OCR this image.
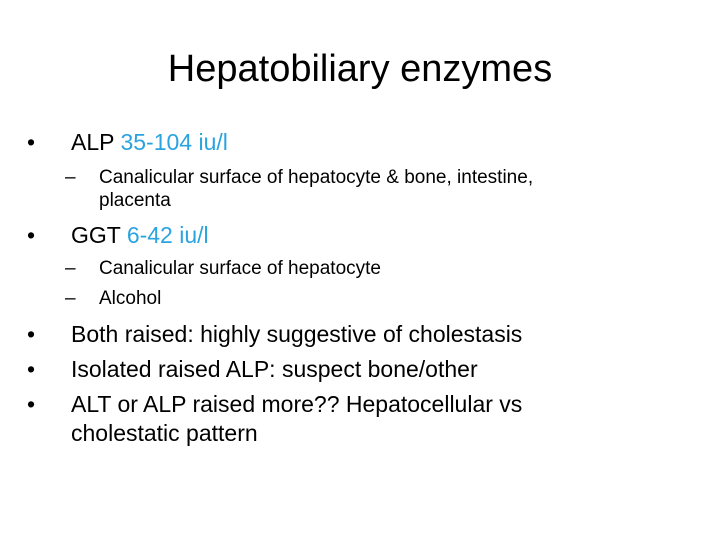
Hepatobiliary enzymes
•	ALP 35-104 iu/l
– Canalicular surface of hepatocyte & bone, intestine,
placenta
•	GGT 6-42 iu/l
– Canalicular surface of hepatocyte
– Alcohol
•	Both raised: highly suggestive of cholestasis
•	Isolated raised ALP: suspect bone/other
•	ALT or ALP raised more?? Hepatocellular vs
cholestatic pattern
